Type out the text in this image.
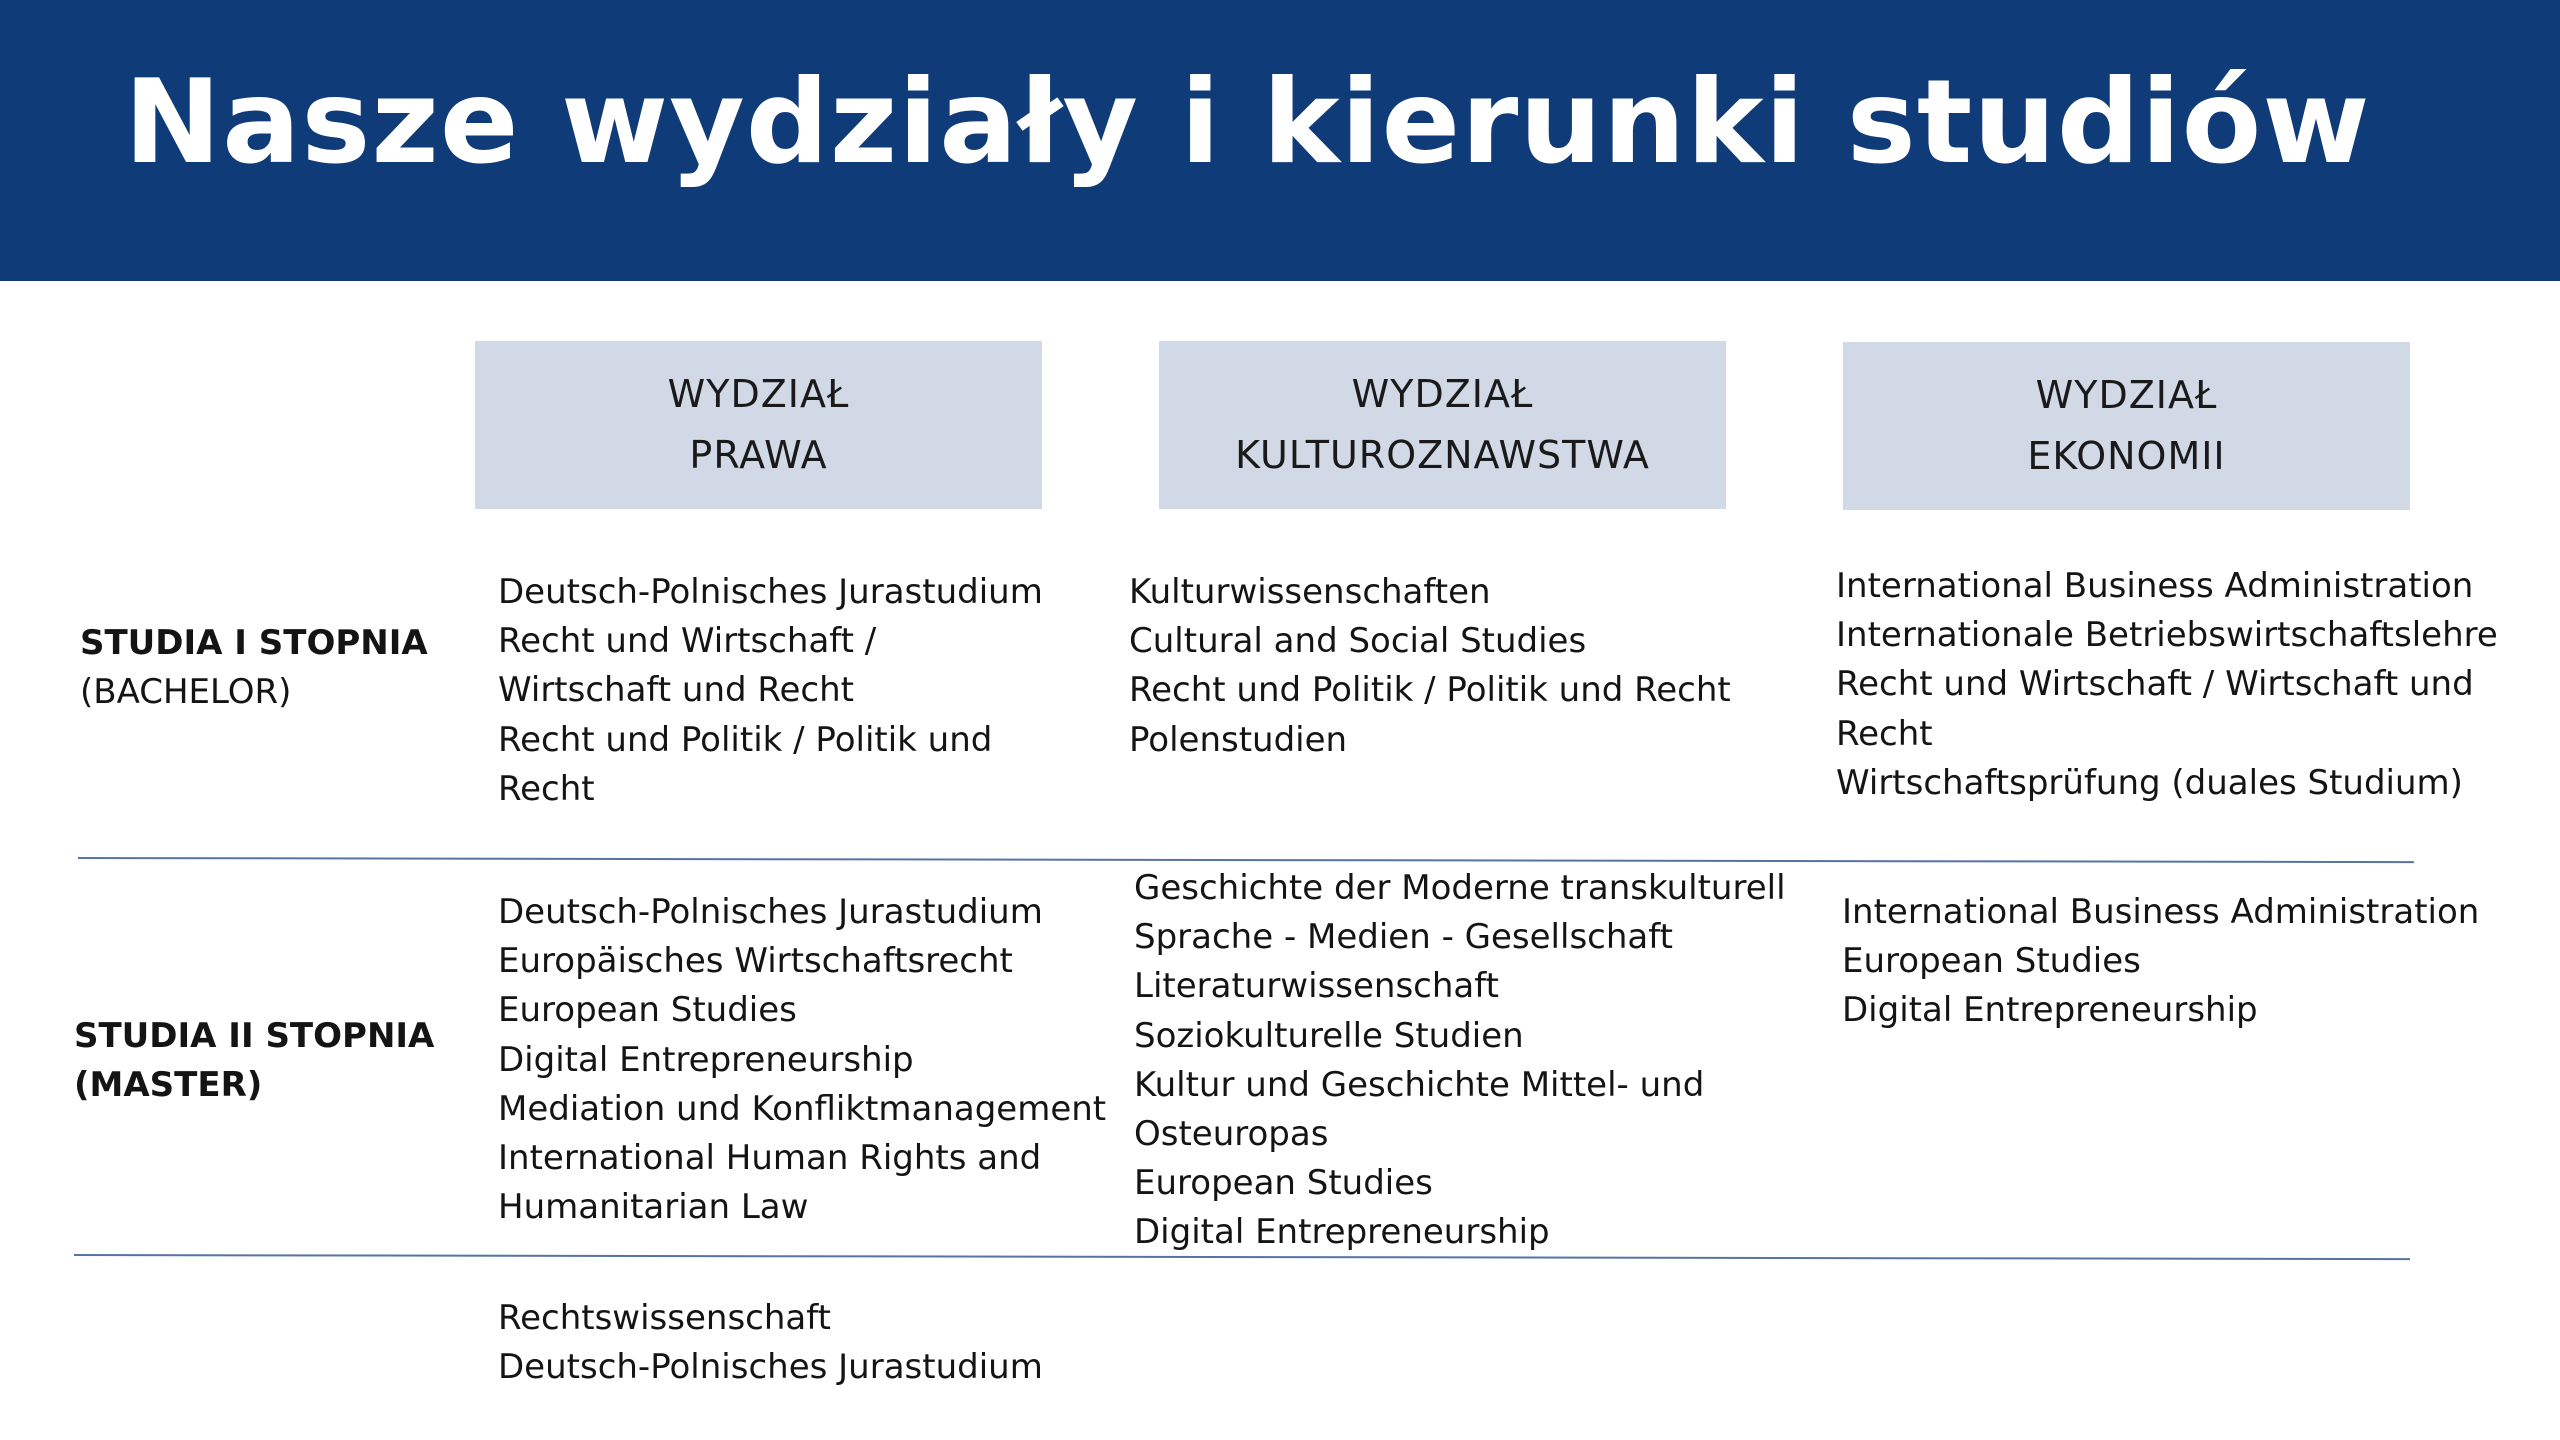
Nasze wydziały i kierunki studiów
WYDZIAŁ
PRAWA
WYDZIAŁ
KULTUROZNAWSTWA
WYDZIAŁ
EKONOMII
STUDIA I STOPNIA
(BACHELOR)
STUDIA II STOPNIA
(MASTER)
Deutsch-Polnisches Jurastudium
Recht und Wirtschaft /
Wirtschaft und Recht
Recht und Politik / Politik und
Recht
Kulturwissenschaften
Cultural and Social Studies
Recht und Politik / Politik und Recht
Polenstudien
International Business Administration
Internationale Betriebswirtschaftslehre
Recht und Wirtschaft / Wirtschaft und
Recht
Wirtschaftsprüfung (duales Studium)
Deutsch-Polnisches Jurastudium
Europäisches Wirtschaftsrecht
European Studies
Digital Entrepreneurship
Mediation und Konfliktmanagement
International Human Rights and
Humanitarian Law
Geschichte der Moderne transkulturell
Sprache - Medien - Gesellschaft
Literaturwissenschaft
Soziokulturelle Studien
Kultur und Geschichte Mittel- und
Osteuropas
European Studies
Digital Entrepreneurship
International Business Administration
European Studies
Digital Entrepreneurship
Rechtswissenschaft
Deutsch-Polnisches Jurastudium
